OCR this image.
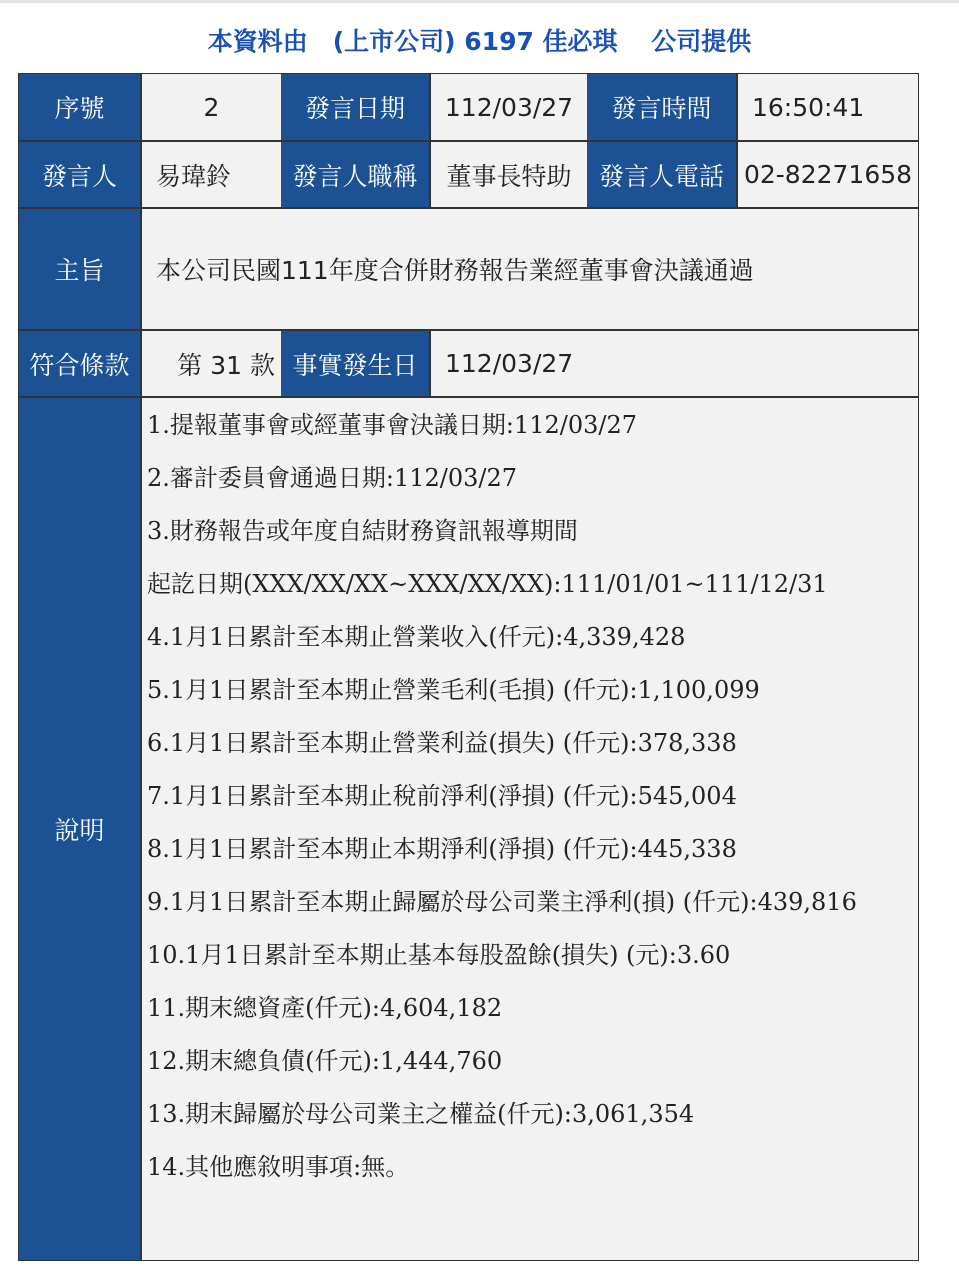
本資料由　(上市公司) 6197 佳必琪　 公司提供
序號	2	發言日期	112/03/27	發言時間	16:50:41
發言人	易瑋鈴	發言人職稱	董事長特助	發言人電話 02-82271658
主旨	本公司民國111年度合併財務報告業經董事會決議通過
符合條款	第 31 款 事實發生日	112/03/27
說明
1.提報董事會或經董事會決議日期:112/03/27
2.審計委員會通過日期:112/03/27
3.財務報告或年度自結財務資訊報導期間
起訖日期(XXX/XX/XX~XXX/XX/XX):111/01/01~111/12/31
4.1月1日累計至本期止營業收入(仟元):4,339,428
5.1月1日累計至本期止營業毛利(毛損) (仟元):1,100,099
6.1月1日累計至本期止營業利益(損失) (仟元):378,338
7.1月1日累計至本期止稅前淨利(淨損) (仟元):545,004
8.1月1日累計至本期止本期淨利(淨損) (仟元):445,338
9.1月1日累計至本期止歸屬於母公司業主淨利(損) (仟元):439,816
10.1月1日累計至本期止基本每股盈餘(損失) (元):3.60
11.期末總資產(仟元):4,604,182
12.期末總負債(仟元):1,444,760
13.期末歸屬於母公司業主之權益(仟元):3,061,354
14.其他應敘明事項:無。
